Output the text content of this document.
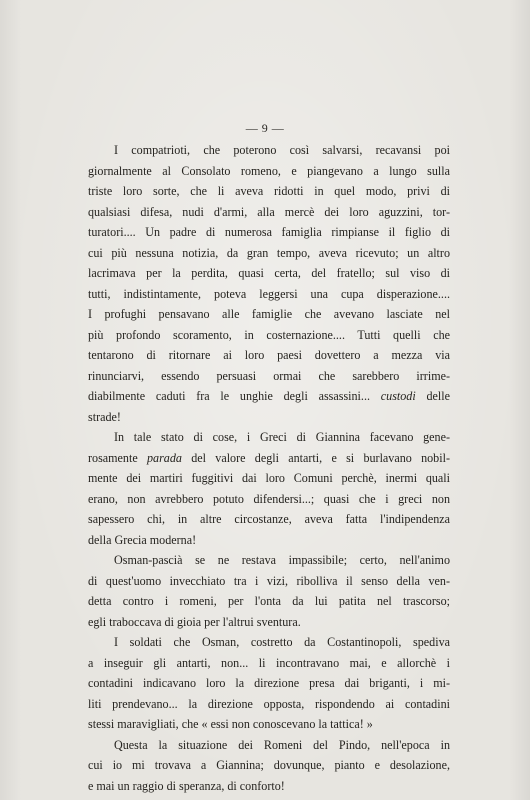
— 9 —
I compatrioti, che poterono così salvarsi, recavansi poi
giornalmente al Consolato romeno, e piangevano a lungo sulla
triste loro sorte, che li aveva ridotti in quel modo, privi di
qualsiasi difesa, nudi d'armi, alla mercè dei loro aguzzini, tor-
turatori.... Un padre di numerosa famiglia rimpianse il figlio di
cui più nessuna notizia, da gran tempo, aveva ricevuto; un altro
lacrimava per la perdita, quasi certa, del fratello; sul viso di
tutti, indistintamente, poteva leggersi una cupa disperazione....
I profughi pensavano alle famiglie che avevano lasciate nel
più profondo scoramento, in costernazione.... Tutti quelli che
tentarono di ritornare ai loro paesi dovettero a mezza via
rinunciarvi, essendo persuasi ormai che sarebbero irrime-
diabilmente caduti fra le unghie degli assassini... custodi delle
strade!
In tale stato di cose, i Greci di Giannina facevano gene-
rosamente parada del valore degli antarti, e si burlavano nobil-
mente dei martiri fuggitivi dai loro Comuni perchè, inermi quali
erano, non avrebbero potuto difendersi...; quasi che i greci non
sapessero chi, in altre circostanze, aveva fatta l'indipendenza
della Grecia moderna!
Osman-pascià se ne restava impassibile; certo, nell'animo
di quest'uomo invecchiato tra i vizi, ribolliva il senso della ven-
detta contro i romeni, per l'onta da lui patita nel trascorso;
egli traboccava di gioia per l'altrui sventura.
I soldati che Osman, costretto da Costantinopoli, spediva
a inseguir gli antarti, non... li incontravano mai, e allorchè i
contadini indicavano loro la direzione presa dai briganti, i mi-
liti prendevano... la direzione opposta, rispondendo ai contadini
stessi maravigliati, che « essi non conoscevano la tattica! »
Questa la situazione dei Romeni del Pindo, nell'epoca in
cui io mi trovava a Giannina; dovunque, pianto e desolazione,
e mai un raggio di speranza, di conforto!
